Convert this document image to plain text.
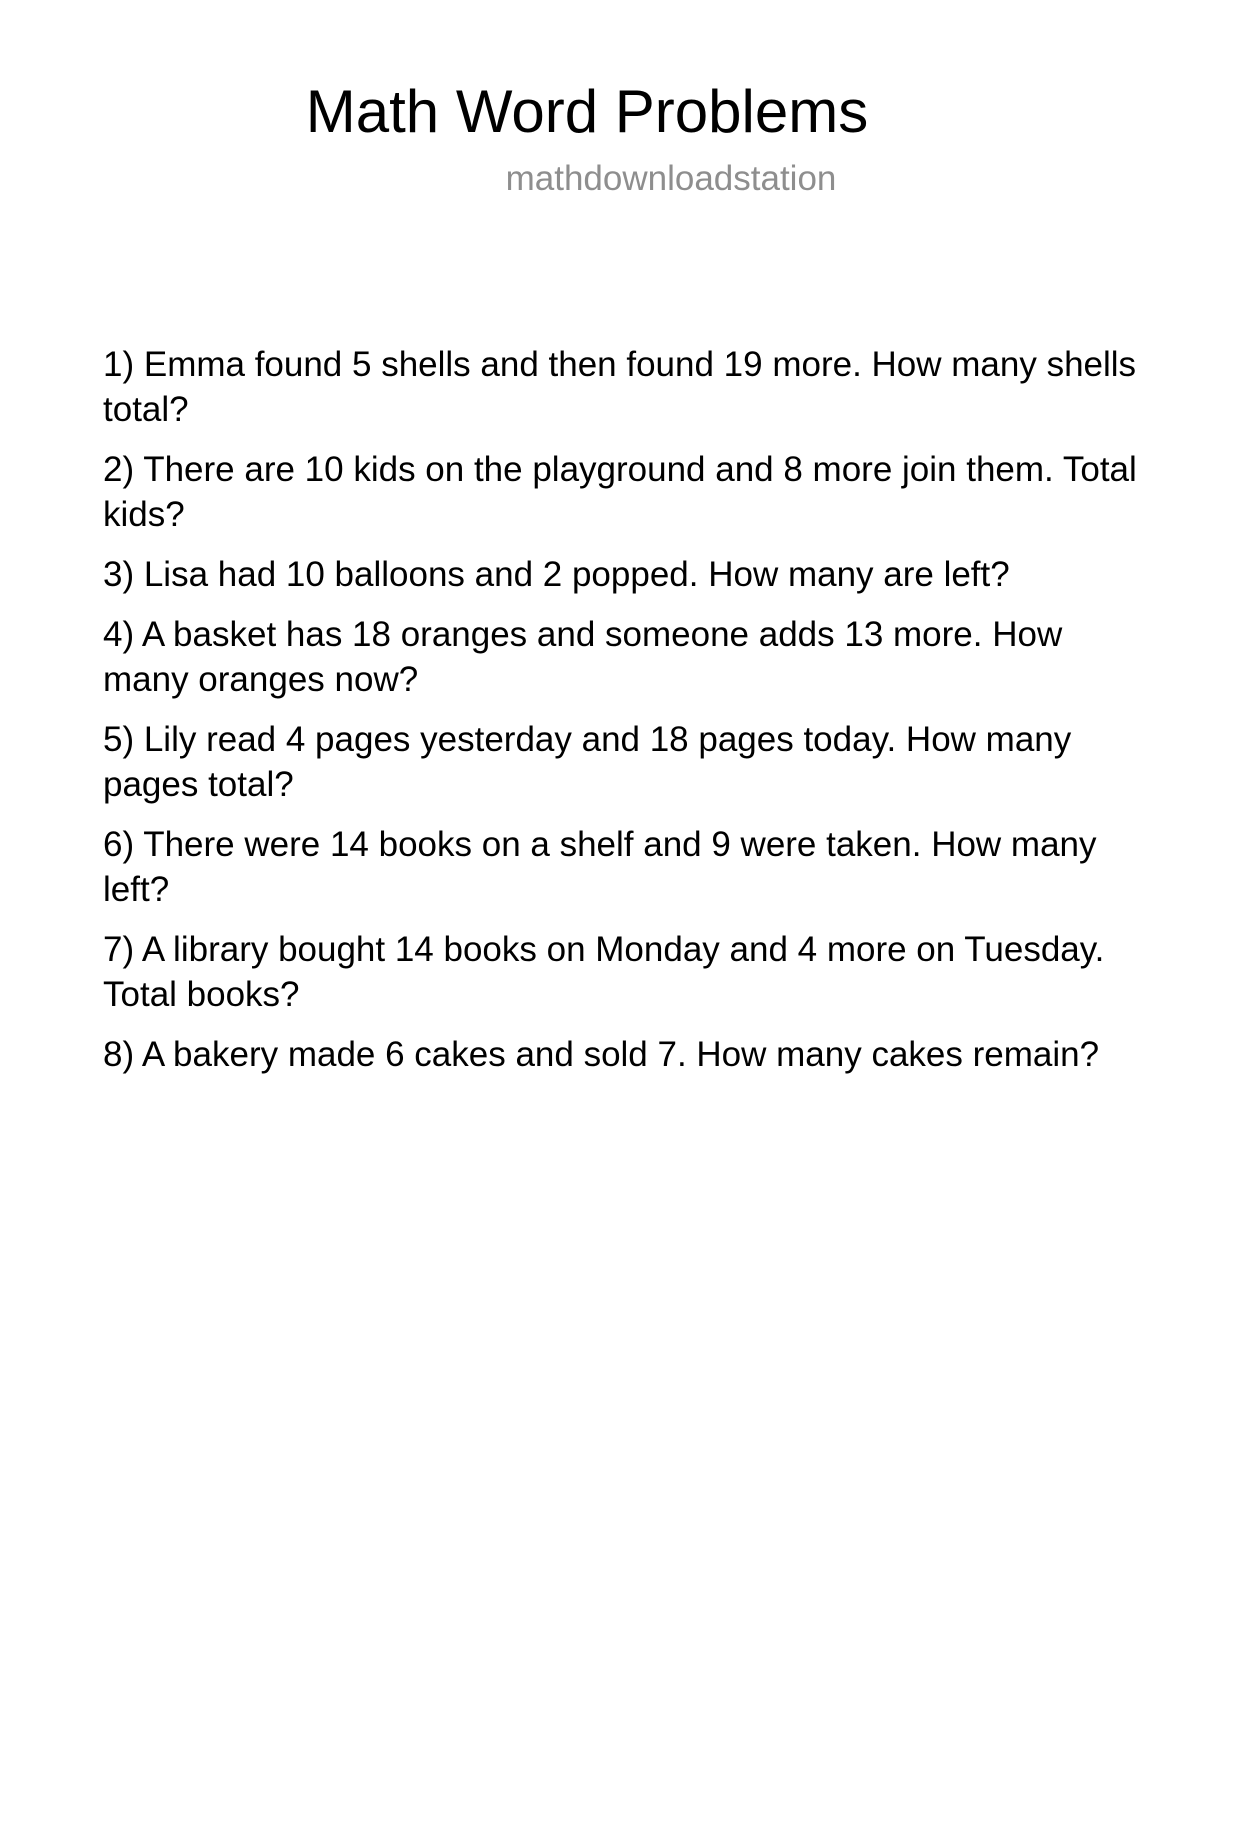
Math Word Problems
mathdownloadstation

1) Emma found 5 shells and then found 19 more. How many shells total?

2) There are 10 kids on the playground and 8 more join them. Total kids?

3) Lisa had 10 balloons and 2 popped. How many are left?

4) A basket has 18 oranges and someone adds 13 more. How many oranges now?

5) Lily read 4 pages yesterday and 18 pages today. How many pages total?

6) There were 14 books on a shelf and 9 were taken. How many left?

7) A library bought 14 books on Monday and 4 more on Tuesday. Total books?

8) A bakery made 6 cakes and sold 7. How many cakes remain?
